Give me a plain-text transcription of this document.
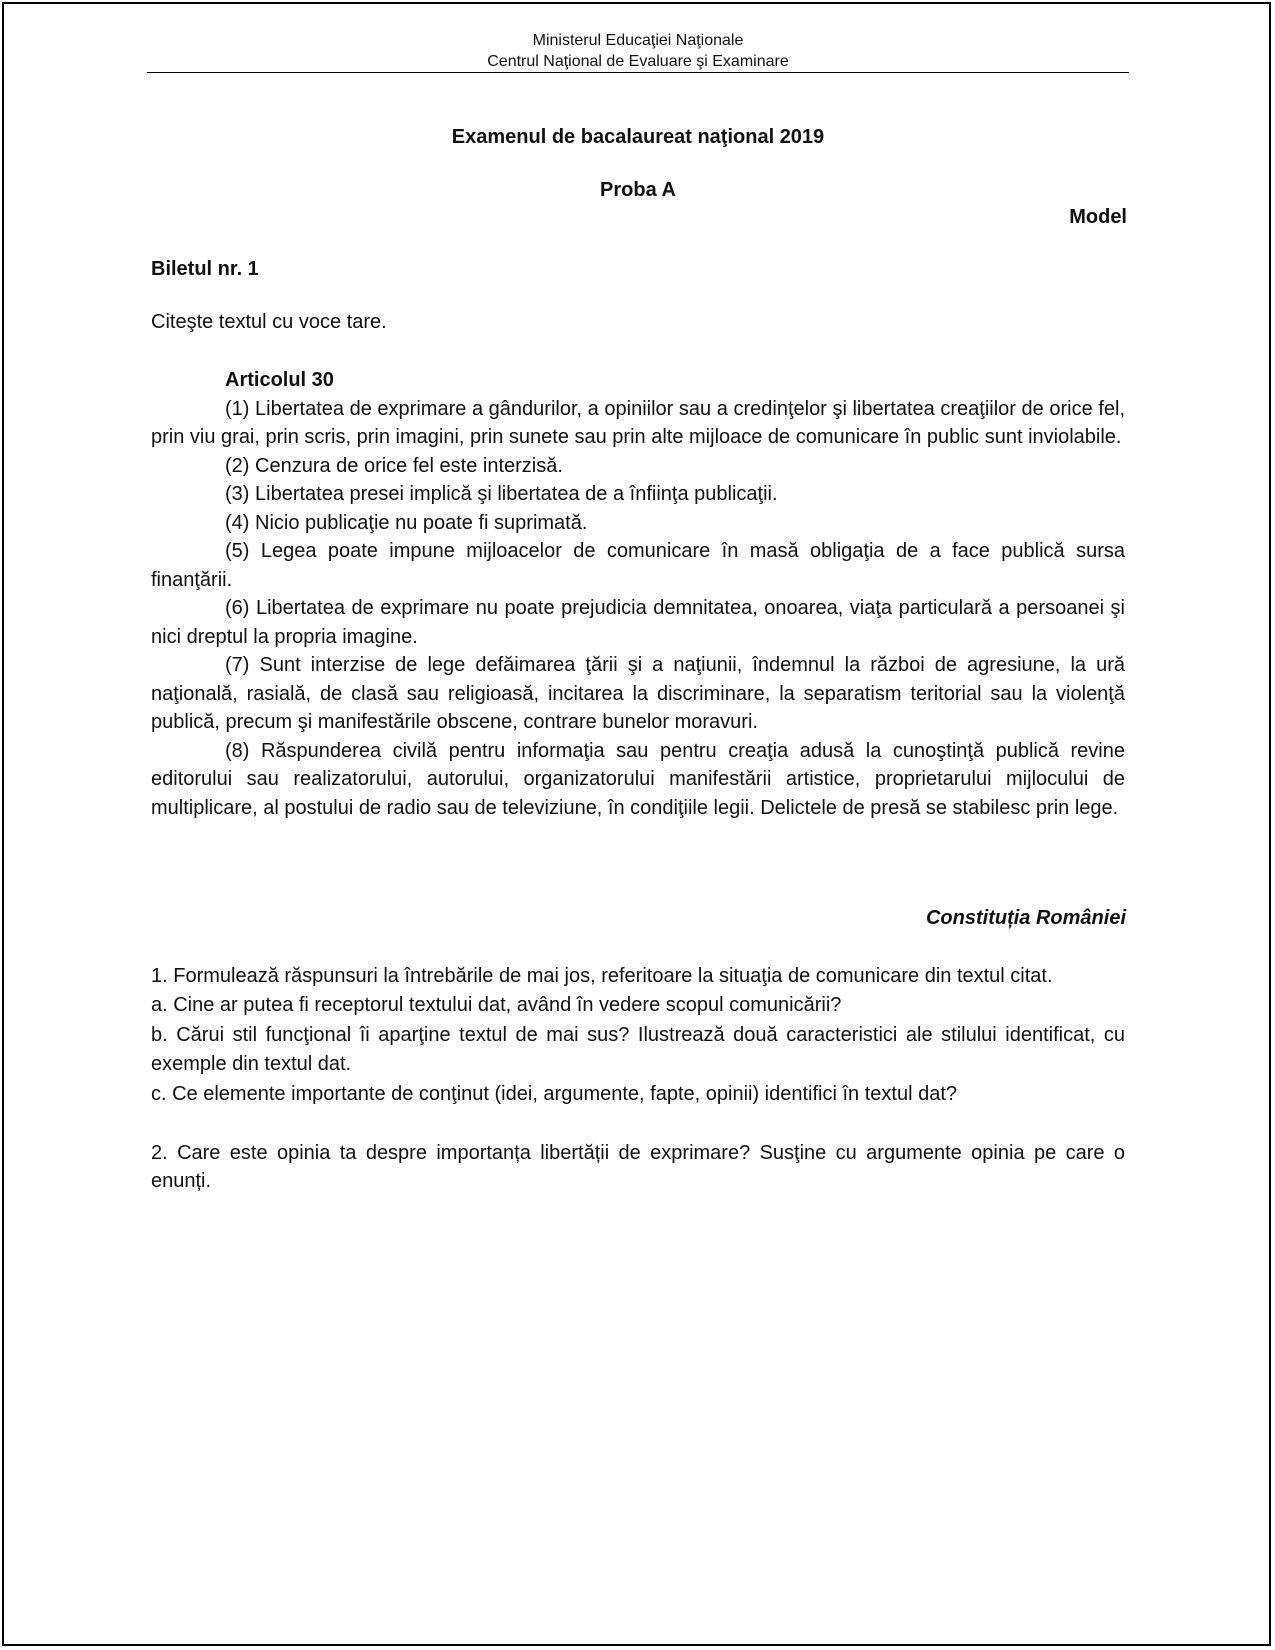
Ministerul Educaţiei Naţionale
Centrul Naţional de Evaluare şi Examinare
Examenul de bacalaureat naţional 2019
Proba A
Model
Biletul nr. 1
Citeşte textul cu voce tare.
Articolul 30

(1) Libertatea de exprimare a gândurilor, a opiniilor sau a credinţelor şi libertatea creaţiilor de orice fel, prin viu grai, prin scris, prin imagini, prin sunete sau prin alte mijloace de comunicare în public sunt inviolabile.

(2) Cenzura de orice fel este interzisă.

(3) Libertatea presei implică şi libertatea de a înfiinţa publicaţii.

(4) Nicio publicaţie nu poate fi suprimată.

(5) Legea poate impune mijloacelor de comunicare în masă obligaţia de a face publică sursa finanţării.

(6) Libertatea de exprimare nu poate prejudicia demnitatea, onoarea, viaţa particulară a persoanei şi nici dreptul la propria imagine.

(7) Sunt interzise de lege defăimarea ţării şi a naţiunii, îndemnul la război de agresiune, la ură naţională, rasială, de clasă sau religioasă, incitarea la discriminare, la separatism teritorial sau la violenţă publică, precum şi manifestările obscene, contrare bunelor moravuri.

(8) Răspunderea civilă pentru informaţia sau pentru creaţia adusă la cunoştinţă publică revine editorului sau realizatorului, autorului, organizatorului manifestării artistice, proprietarului mijlocului de multiplicare, al postului de radio sau de televiziune, în condiţiile legii. Delictele de presă se stabilesc prin lege.

Constituția României

1. Formulează răspunsuri la întrebările de mai jos, referitoare la situaţia de comunicare din textul citat.

a. Cine ar putea fi receptorul textului dat, având în vedere scopul comunicării?

b. Cărui stil funcţional îi aparţine textul de mai sus? Ilustrează două caracteristici ale stilului identificat, cu exemple din textul dat.

c. Ce elemente importante de conţinut (idei, argumente, fapte, opinii) identifici în textul dat?

2. Care este opinia ta despre importanța libertății de exprimare? Susţine cu argumente opinia pe care o enunți.
